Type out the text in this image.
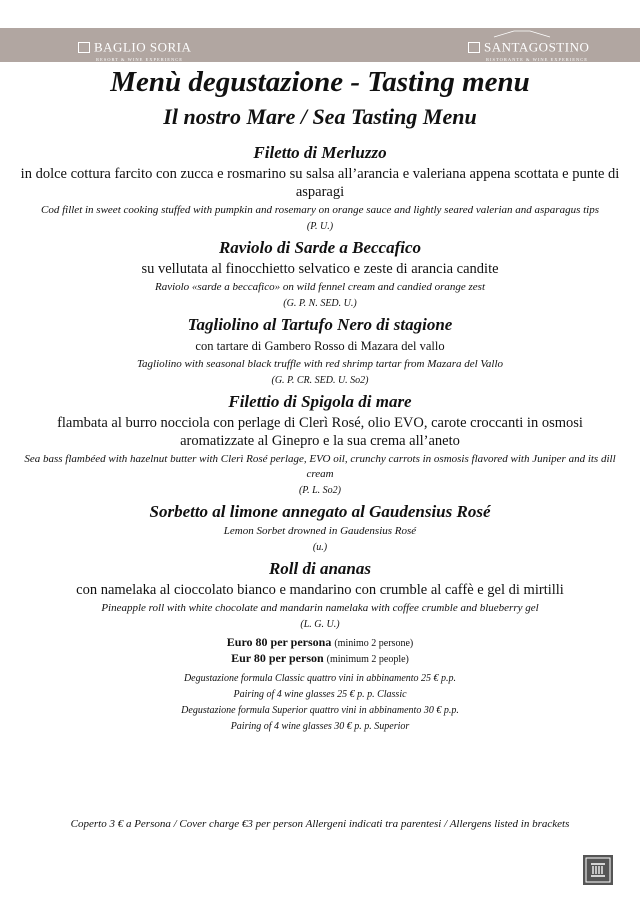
BAGLIO SORIA
RESORT & WINE EXPERIENCE
SANTAGOSTINO
RISTORANTE & WINE EXPERIENCE
Menù degustazione - Tasting menu
Il nostro Mare / Sea Tasting Menu

Filetto di Merluzzo

in dolce cottura farcito con zucca e rosmarino su salsa all’arancia e valeriana appena scottata e punte di asparagi

Cod fillet in sweet cooking stuffed with pumpkin and rosemary on orange sauce and lightly seared valerian and asparagus tips

(P. U.)

Raviolo di Sarde a Beccafico

su vellutata al finocchietto selvatico e zeste di arancia candite

Raviolo «sarde a beccafico» on wild fennel cream and candied orange zest

(G. P. N. SED. U.)

Tagliolino al Tartufo Nero di stagione

con tartare di Gambero Rosso di Mazara del vallo

Tagliolino with seasonal black truffle with red shrimp tartar from Mazara del Vallo

(G. P. CR. SED. U. So2)

Filettio di Spigola di mare

flambata al burro nocciola con perlage di Clerì Rosé, olio EVO, carote croccanti in osmosi aromatizzate al Ginepro e la sua crema all’aneto

Sea bass flambéed with hazelnut butter with Clerì Rosé perlage, EVO oil, crunchy carrots in osmosis flavored with Juniper and its dill cream

(P. L. So2)

Sorbetto al limone annegato al Gaudensius Rosé

Lemon Sorbet drowned in Gaudensius Rosé

(u.)

Roll di ananas

con namelaka al cioccolato bianco e mandarino con crumble al caffè e gel di mirtilli

Pineapple roll with white chocolate and mandarin namelaka with coffee crumble and blueberry gel

(L. G. U.)

Euro 80 per persona (minimo 2 persone)
Eur 80 per person (minimum 2 people)

Degustazione formula Classic quattro vini in abbinamento 25 € p.p.

Pairing of 4 wine glasses 25 € p. p. Classic

Degustazione formula Superior quattro vini in abbinamento 30 € p.p.

Pairing of 4 wine glasses 30 € p. p. Superior

Coperto 3 € a Persona / Cover charge €3 per person Allergeni indicati tra parentesi / Allergens listed in brackets
